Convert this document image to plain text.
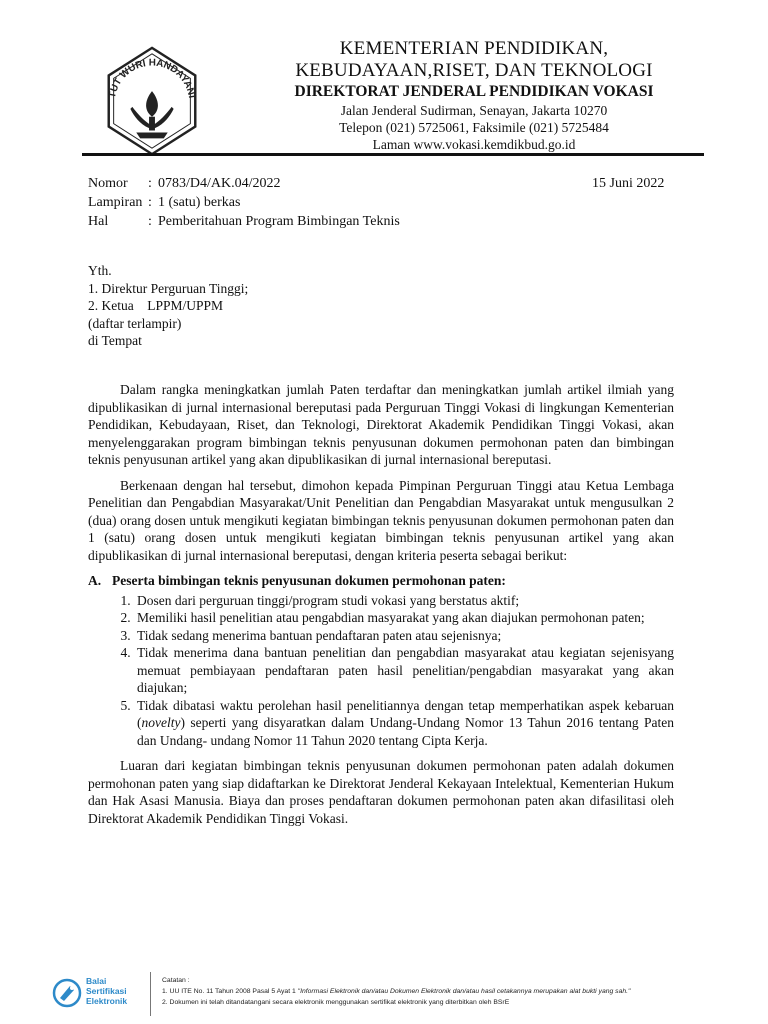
TUT WURI HANDAYANI
KEMENTERIAN PENDIDIKAN,
KEBUDAYAAN,RISET, DAN TEKNOLOGI
DIREKTORAT JENDERAL PENDIDIKAN VOKASI
Jalan Jenderal Sudirman, Senayan, Jakarta 10270
Telepon (021) 5725061, Faksimile (021) 5725484
Laman www.vokasi.kemdikbud.go.id
Nomor	: 0783/D4/AK.04/2022
Lampiran : 1 (satu) berkas
Hal	: Pemberitahuan Program Bimbingan Teknis
15 Juni 2022
Yth.
1. Direktur Perguruan Tinggi;
2. Ketua    LPPM/UPPM
(daftar terlampir)
di Tempat

Dalam rangka meningkatkan jumlah Paten terdaftar dan meningkatkan jumlah artikel ilmiah yang dipublikasikan di jurnal internasional bereputasi pada Perguruan Tinggi Vokasi di lingkungan Kementerian Pendidikan, Kebudayaan, Riset, dan Teknologi, Direktorat Akademik Pendidikan Tinggi Vokasi, akan menyelenggarakan program bimbingan teknis penyusunan dokumen permohonan paten dan bimbingan teknis penyusunan artikel yang akan dipublikasikan di jurnal internasional bereputasi.

Berkenaan dengan hal tersebut, dimohon kepada Pimpinan Perguruan Tinggi atau Ketua Lembaga Penelitian dan Pengabdian Masyarakat/Unit Penelitian dan Pengabdian Masyarakat untuk mengusulkan 2 (dua) orang dosen untuk mengikuti kegiatan bimbingan teknis penyusunan dokumen permohonan paten dan 1 (satu) orang dosen untuk mengikuti kegiatan bimbingan teknis penyusunan artikel yang akan dipublikasikan di jurnal internasional bereputasi, dengan kriteria peserta sebagai berikut:

A. Peserta bimbingan teknis penyusunan dokumen permohonan paten:
1. Dosen dari perguruan tinggi/program studi vokasi yang berstatus aktif;
2. Memiliki hasil penelitian atau pengabdian masyarakat yang akan diajukan permohonan paten;
3. Tidak sedang menerima bantuan pendaftaran paten atau sejenisnya;
4. Tidak menerima dana bantuan penelitian dan pengabdian masyarakat atau kegiatan sejenisyang memuat pembiayaan pendaftaran paten hasil penelitian/pengabdian masyarakat yang akan diajukan;
5. Tidak dibatasi waktu perolehan hasil penelitiannya dengan tetap memperhatikan aspek kebaruan (novelty) seperti yang disyaratkan dalam Undang-Undang Nomor 13 Tahun 2016 tentang Paten dan Undang- undang Nomor 11 Tahun 2020 tentang Cipta Kerja.

Luaran dari kegiatan bimbingan teknis penyusunan dokumen permohonan paten adalah dokumen permohonan paten yang siap didaftarkan ke Direktorat Jenderal Kekayaan Intelektual, Kementerian Hukum dan Hak Asasi Manusia. Biaya dan proses pendaftaran dokumen permohonan paten akan difasilitasi oleh Direktorat Akademik Pendidikan Tinggi Vokasi.

Balai
Sertifikasi
Elektronik
Catatan :
1. UU ITE No. 11 Tahun 2008 Pasal 5 Ayat 1 "Informasi Elektronik dan/atau Dokumen Elektronik dan/atau hasil cetakannya merupakan alat bukti yang sah."
2. Dokumen ini telah ditandatangani secara elektronik menggunakan sertifikat elektronik yang diterbitkan oleh BSrE
